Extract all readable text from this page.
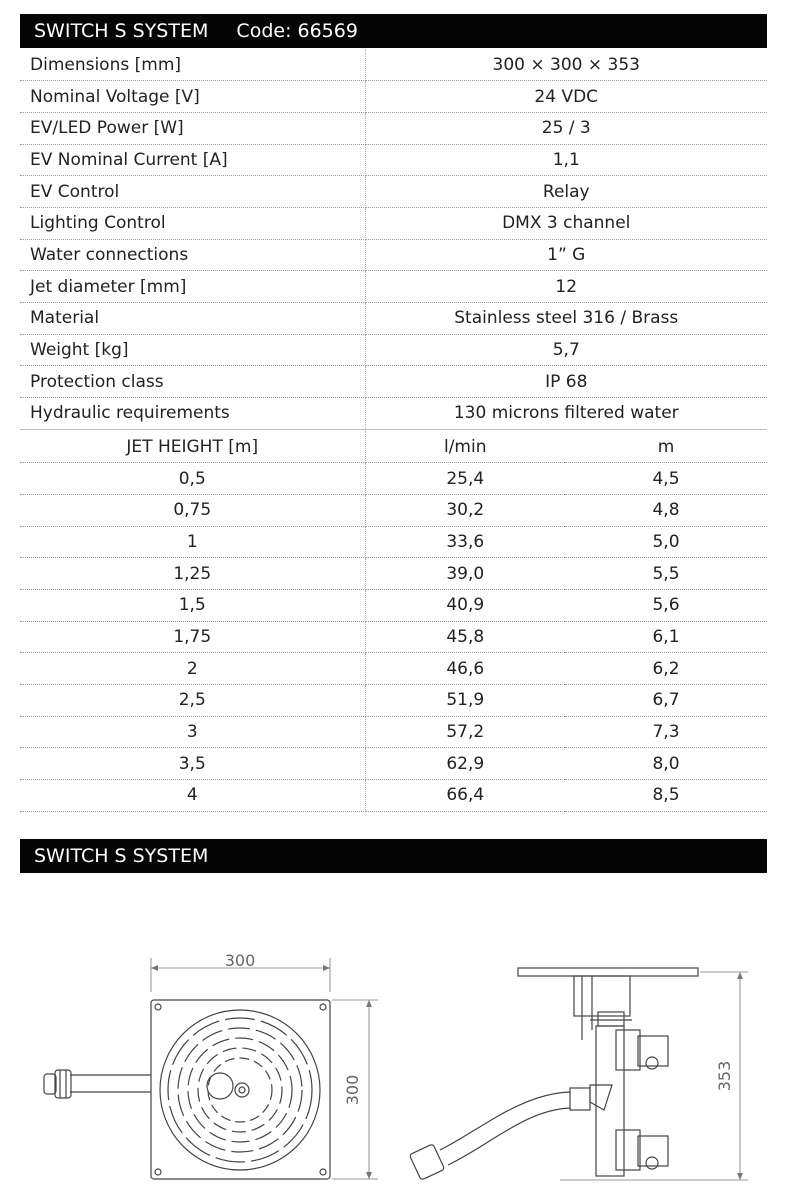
SWITCH S SYSTEM Code: 66569
Dimensions [mm]	300 × 300 × 353
Nominal Voltage [V]	24 VDC
EV/LED Power [W]	25 / 3
EV Nominal Current [A]	1,1
EV Control	Relay
Lighting Control	DMX 3 channel
Water connections	1” G
Jet diameter [mm]	12
Material	Stainless steel 316 / Brass
Weight [kg]	5,7
Protection class	IP 68
Hydraulic requirements	130 microns filtered water
JET HEIGHT [m]	l/min	m
0,5	25,4	4,5
0,75	30,2	4,8
1	33,6	5,0
1,25	39,0	5,5
1,5	40,9	5,6
1,75	45,8	6,1
2	46,6	6,2
2,5	51,9	6,7
3	57,2	7,3
3,5	62,9	8,0
4	66,4	8,5
SWITCH S SYSTEM
300
300	353
